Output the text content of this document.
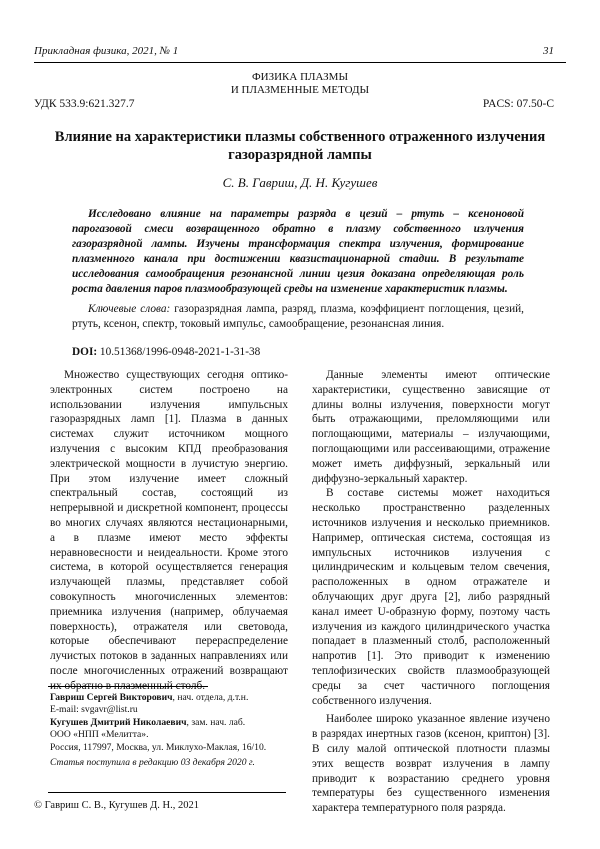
Прикладная физика, 2021, № 1	31
ФИЗИКА ПЛАЗМЫ
И ПЛАЗМЕННЫЕ МЕТОДЫ
УДК 533.9:621.327.7	PACS: 07.50-C
Влияние на характеристики плазмы собственного отраженного излучения газоразрядной лампы
С. В. Гавриш, Д. Н. Кугушев

Исследовано влияние на параметры разряда в цезий – ртуть – ксеноновой парогазовой смеси возвращенного обратно в плазму собственного излучения газоразрядной лампы. Изучены трансформация спектра излучения, формирование плазменного канала при достижении квазистационарной стадии. В результате исследования самообращения резонансной линии цезия доказана определяющая роль роста давления паров плазмообразующей среды на изменение характеристик плазмы.

Ключевые слова: газоразрядная лампа, разряд, плазма, коэффициент поглощения, цезий, ртуть, ксенон, спектр, токовый импульс, самообращение, резонансная линия.

DOI: 10.51368/1996-0948-2021-1-31-38

Множество существующих сегодня оптико-электронных систем построено на использовании излучения импульсных газоразрядных ламп [1]. Плазма в данных системах служит источником мощного излучения с высоким КПД преобразования электрической мощности в лучистую энергию. При этом излучение имеет сложный спектральный состав, состоящий из непрерывной и дискретной компонент, процессы во многих случаях являются нестационарными, а в плазме имеют место эффекты неравновесности и неидеальности. Кроме этого система, в которой осуществляется генерация излучающей плазмы, представляет собой совокупность многочисленных элементов: приемника излучения (например, облучаемая поверхность), отражателя или световода, которые обеспечивают перераспределение лучистых потоков в заданных направлениях или после многочисленных отражений возвращают их обратно в плазменный столб.

Данные элементы имеют оптические характеристики, существенно зависящие от длины волны излучения, поверхности могут быть отражающими, преломляющими или поглощающими, материалы – излучающими, поглощающими или рассеивающими, отражение может иметь диффузный, зеркальный или диффузно-зеркальный характер.

В составе системы может находиться несколько пространственно разделенных источников излучения и несколько приемников. Например, оптическая система, состоящая из импульсных источников излучения с цилиндрическим и кольцевым телом свечения, расположенных в одном отражателе и облучающих друг друга [2], либо разрядный канал имеет U-образную форму, поэтому часть излучения из каждого цилиндрического участка попадает в плазменный столб, расположенный напротив [1]. Это приводит к изменению теплофизических свойств плазмообразующей среды за счет частичного поглощения собственного излучения.

Наиболее широко указанное явление изучено в разрядах инертных газов (ксенон, криптон) [3]. В силу малой оптической плотности плазмы этих веществ возврат излучения в лампу приводит к возрастанию среднего уровня температуры без существенного изменения характера температурного поля разряда.

Гавриш Сергей Викторович, нач. отдела, д.т.н.
E-mail: svgavr@list.ru
Кугушев Дмитрий Николаевич, зам. нач. лаб.
ООО «НПП «Мелитта».
Россия, 117997, Москва, ул. Миклухо-Маклая, 16/10.
Статья поступила в редакцию 03 декабря 2020 г.
© Гавриш С. В., Кугушев Д. Н., 2021
